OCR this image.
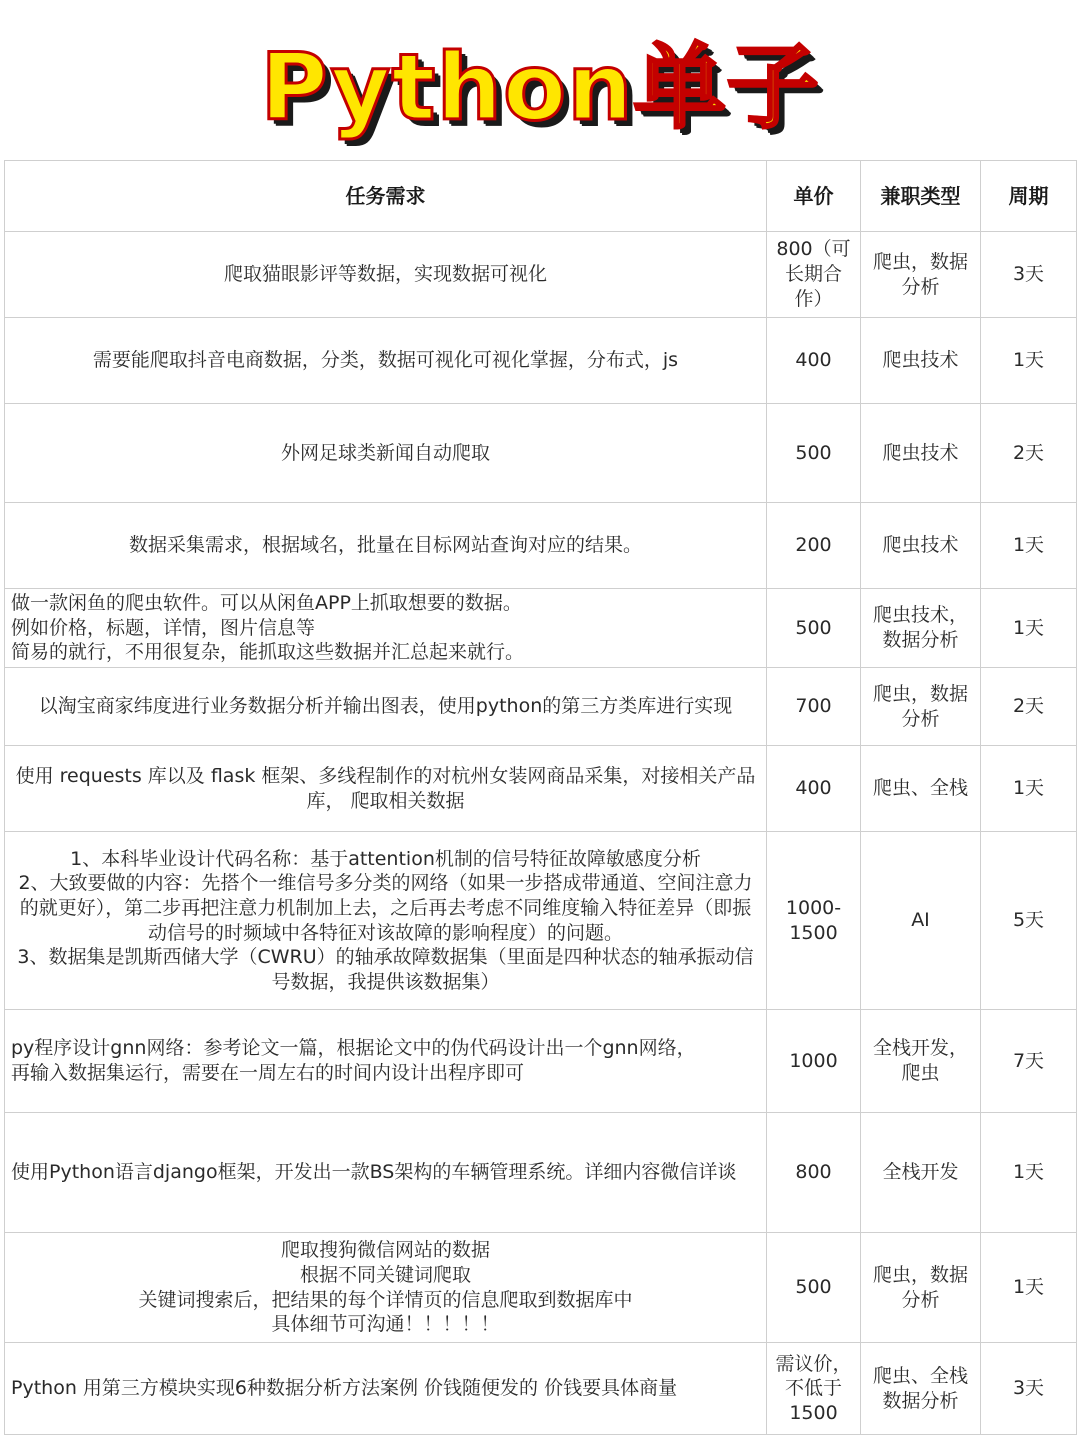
Python单子
任务需求	单价	兼职类型	周期

爬取猫眼影评等数据，实现数据可视化	800（可长期合作）	爬虫，数据分析	3天

需要能爬取抖音电商数据，分类，数据可视化可视化掌握，分布式，js	400	爬虫技术	1天

外网足球类新闻自动爬取	500	爬虫技术	2天

数据采集需求，根据域名，批量在目标网站查询对应的结果。	200	爬虫技术	1天

做一款闲鱼的爬虫软件。可以从闲鱼APP上抓取想要的数据。
例如价格，标题，详情，图片信息等
简易的就行，不用很复杂，能抓取这些数据并汇总起来就行。	500	爬虫技术，数据分析	1天

以淘宝商家纬度进行业务数据分析并输出图表，使用python的第三方类库进行实现	700	爬虫，数据分析	2天

使用 requests 库以及 flask 框架、多线程制作的对杭州女装网商品采集，对接相关产品库， 爬取相关数据	400	爬虫、全栈	1天

1、本科毕业设计代码名称：基于attention机制的信号特征故障敏感度分析
2、大致要做的内容：先搭个一维信号多分类的网络（如果一步搭成带通道、空间注意力的就更好），第二步再把注意力机制加上去，之后再去考虑不同维度输入特征差异（即振动信号的时频域中各特征对该故障的影响程度）的问题。
3、数据集是凯斯西储大学（CWRU）的轴承故障数据集（里面是四种状态的轴承振动信号数据，我提供该数据集）	1000-1500	AI	5天

py程序设计gnn网络：参考论文一篇，根据论文中的伪代码设计出一个gnn网络，
再输入数据集运行，需要在一周左右的时间内设计出程序即可	1000	全栈开发，爬虫	7天

使用Python语言django框架，开发出一款BS架构的车辆管理系统。详细内容微信详谈	800	全栈开发	1天

爬取搜狗微信网站的数据
根据不同关键词爬取
关键词搜索后，把结果的每个详情页的信息爬取到数据库中
具体细节可沟通！！！！！	500	爬虫，数据分析	1天

Python 用第三方模块实现6种数据分析方法案例 价钱随便发的 价钱要具体商量	需议价，不低于1500	爬虫、全栈数据分析	3天
